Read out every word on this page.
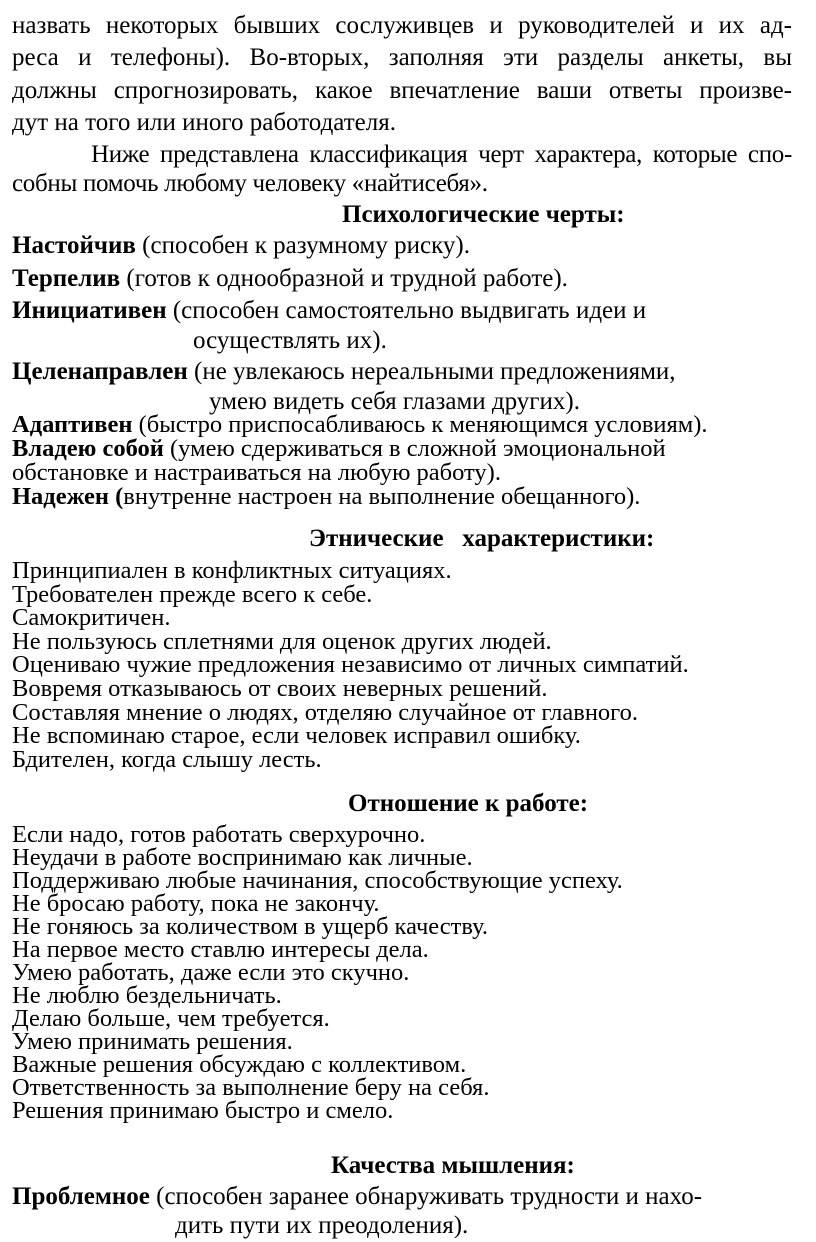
назвать некоторых бывших сослуживцев и руководителей и их ад-
реса и телефоны). Во-вторых, заполняя эти разделы анкеты, вы
должны спрогнозировать, какое впечатление ваши ответы произве-
дут на того или иного работодателя.
Ниже представлена классификация черт характера, которые спо-
собны помочь любому человеку «найтисебя».
Психологические черты:
Настойчив (способен к разумному риску).
Терпелив (готов к однообразной и трудной работе).
Инициативен (способен самостоятельно выдвигать идеи и
осуществлять их).
Целенаправлен (не увлекаюсь нереальными предложениями,
умею видеть себя глазами других).
Адаптивен (быстро приспосабливаюсь к меняющимся условиям).
Владею собой (умею сдерживаться в сложной эмоциональной
обстановке и настраиваться на любую работу).
Надежен (внутренне настроен на выполнение обещанного).
Этнические   характеристики:
Принципиален в конфликтных ситуациях.
Требователен прежде всего к себе.
Самокритичен.
Не пользуюсь сплетнями для оценок других людей.
Оцениваю чужие предложения независимо от личных симпатий.
Вовремя отказываюсь от своих неверных решений.
Составляя мнение о людях, отделяю случайное от главного.
Не вспоминаю старое, если человек исправил ошибку.
Бдителен, когда слышу лесть.
Отношение к работе:
Если надо, готов работать сверхурочно.
Неудачи в работе воспринимаю как личные.
Поддерживаю любые начинания, способствующие успеху.
Не бросаю работу, пока не закончу.
Не гоняюсь за количеством в ущерб качеству.
На первое место ставлю интересы дела.
Умею работать, даже если это скучно.
Не люблю бездельничать.
Делаю больше, чем требуется.
Умею принимать решения.
Важные решения обсуждаю с коллективом.
Ответственность за выполнение беру на себя.
Решения принимаю быстро и смело.
Качества мышления:
Проблемное (способен заранее обнаруживать трудности и нахо-
дить пути их преодоления).
